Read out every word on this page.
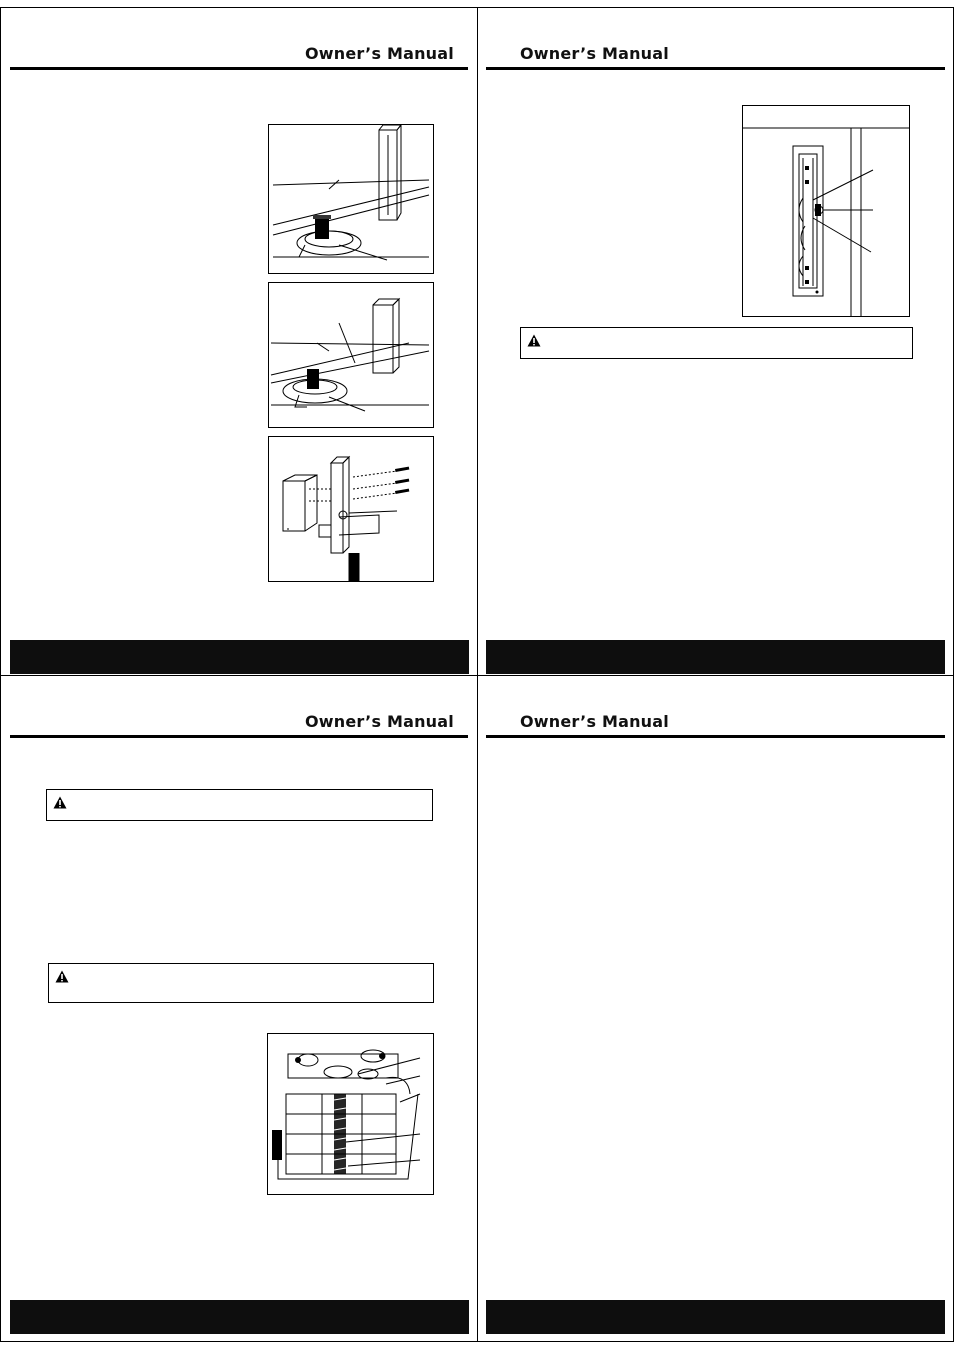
Owner’s Manual	Owner’s Manual
Owner’s Manual	Owner’s Manual
